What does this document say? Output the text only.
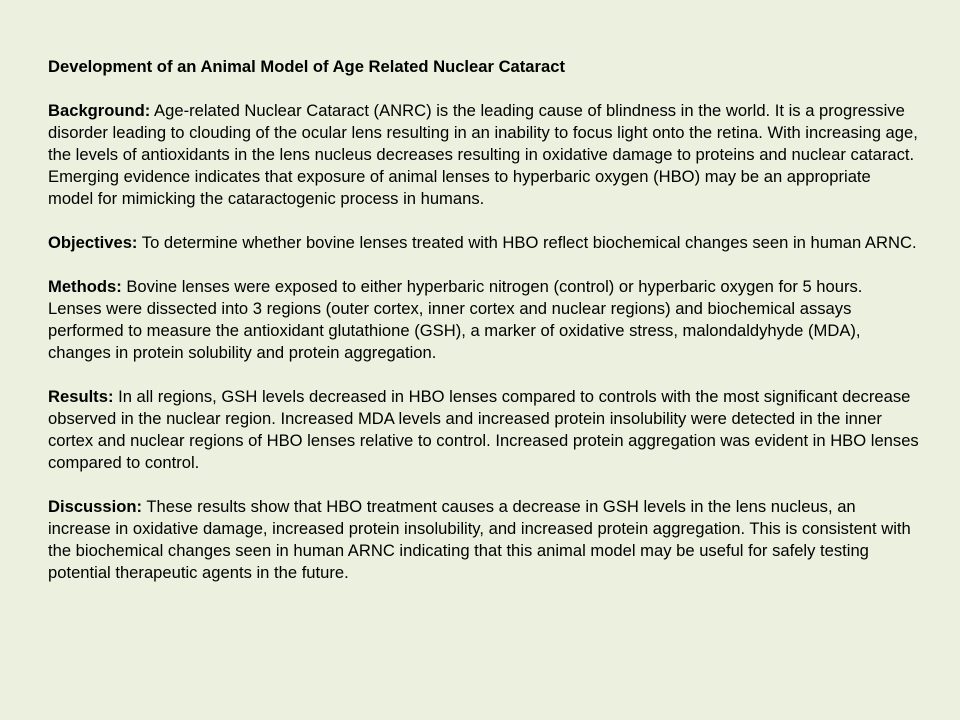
Development of an Animal Model of Age Related Nuclear Cataract
Background: Age-related Nuclear Cataract (ANRC) is the leading cause of blindness in the world. It is a progressive disorder leading to clouding of the ocular lens resulting in an inability to focus light onto the retina. With increasing age, the levels of antioxidants in the lens nucleus decreases resulting in oxidative damage to proteins and nuclear cataract. Emerging evidence indicates that exposure of animal lenses to hyperbaric oxygen (HBO) may be an appropriate model for mimicking the cataractogenic process in humans.
Objectives: To determine whether bovine lenses treated with HBO reflect biochemical changes seen in human ARNC.
Methods: Bovine lenses were exposed to either hyperbaric nitrogen (control) or hyperbaric oxygen for 5 hours. Lenses were dissected into 3 regions (outer cortex, inner cortex and nuclear regions) and biochemical assays performed to measure the antioxidant glutathione (GSH), a marker of oxidative stress, malondaldyhyde (MDA), changes in protein solubility and protein aggregation.
Results: In all regions, GSH levels decreased in HBO lenses compared to controls with the most significant decrease observed in the nuclear region. Increased MDA levels and increased protein insolubility were detected in the inner cortex and nuclear regions of HBO lenses relative to control. Increased protein aggregation was evident in HBO lenses compared to control.
Discussion: These results show that HBO treatment causes a decrease in GSH levels in the lens nucleus, an increase in oxidative damage, increased protein insolubility, and increased protein aggregation. This is consistent with the biochemical changes seen in human ARNC indicating that this animal model may be useful for safely testing potential therapeutic agents in the future.
